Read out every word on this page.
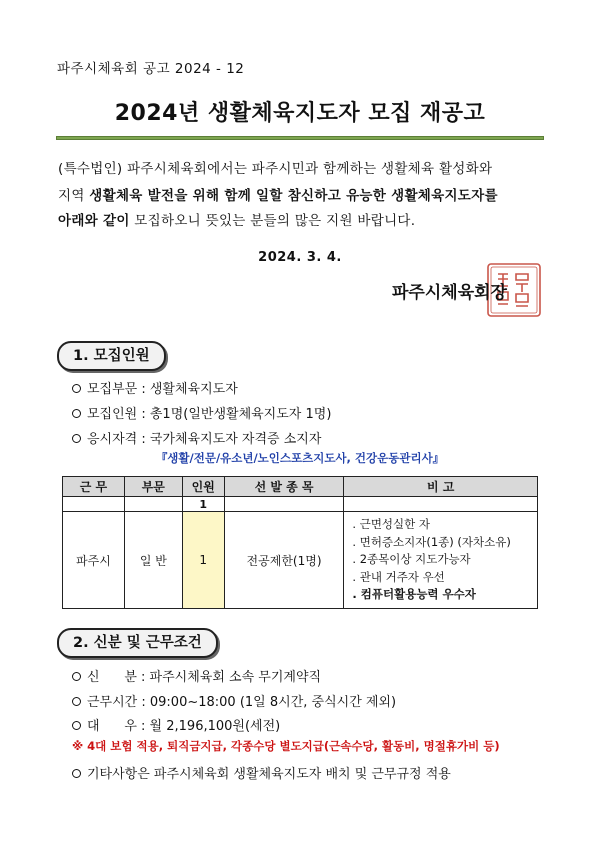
파주시체육회 공고 2024 - 12
2024년 생활체육지도자 모집 재공고
(특수법인) 파주시체육회에서는 파주시민과 함께하는 생활체육 활성화와
지역 생활체육 발전을 위해 함께 일할 참신하고 유능한 생활체육지도자를
아래와 같이 모집하오니 뜻있는 분들의 많은 지원 바랍니다.
2024. 3. 4.
파주시체육회장
1. 모집인원
모집부문 : 생활체육지도자
모집인원 : 총1명(일반생활체육지도자 1명)
응시자격 : 국가체육지도자 자격증 소지자
『생활/전문/유소년/노인스포츠지도사, 건강운동관리사』
근 무	부문	인원	선 발 종 목	비 고
		1		
파주시	일 반	1	전공제한(1명)	. 근면성실한 자
. 면허증소지자(1종) (자차소유)
. 2종목이상 지도가능자
. 관내 거주자 우선
. 컴퓨터활용능력 우수자
2. 신분 및 근무조건
신      분 : 파주시체육회 소속 무기계약직
근무시간 : 09:00~18:00 (1일 8시간, 중식시간 제외)
대      우 : 월 2,196,100원(세전)
※ 4대 보험 적용, 퇴직금지급, 각종수당 별도지급(근속수당, 활동비, 명절휴가비 등)
기타사항은 파주시체육회 생활체육지도자 배치 및 근무규정 적용
